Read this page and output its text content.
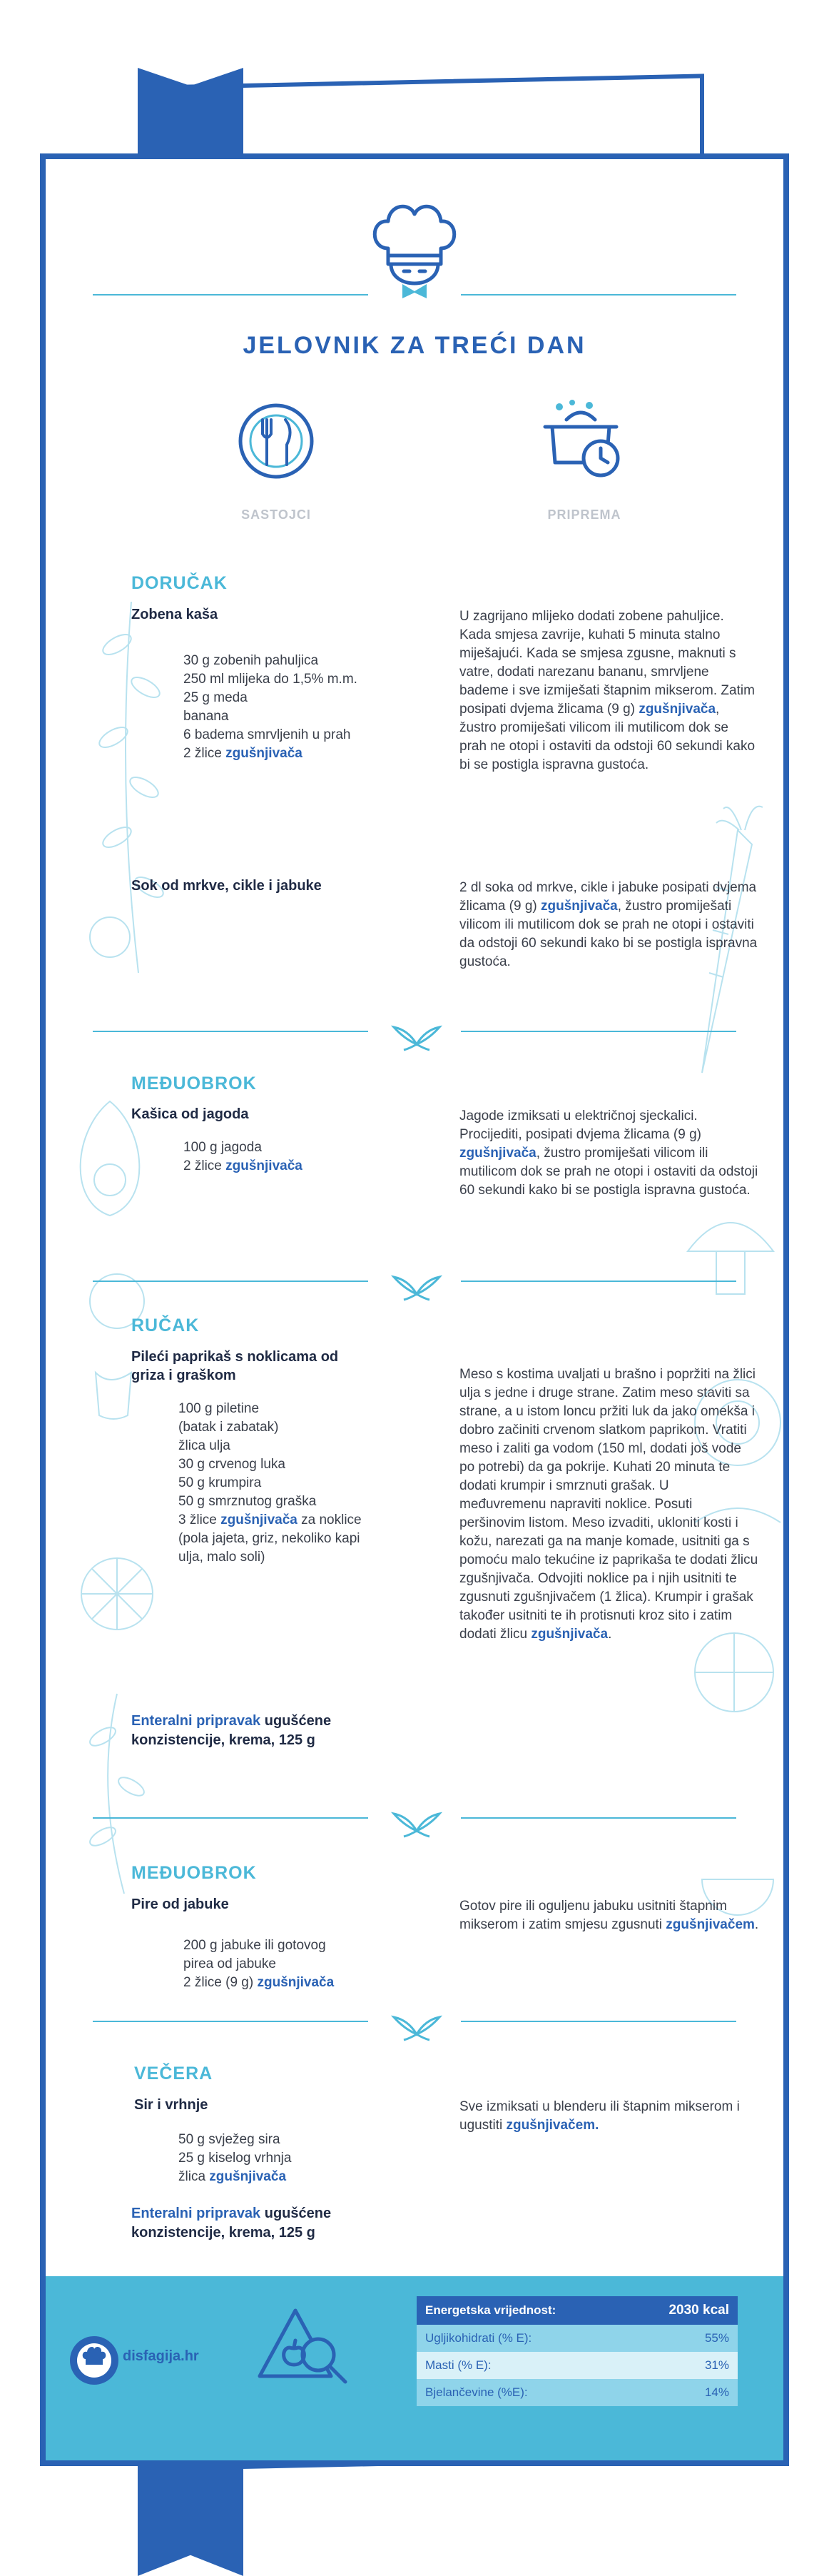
JELOVNIK ZA TREĆI DAN
SASTOJCI	PRIPREMA
DORUČAK
Zobena kaša
30 g zobenih pahuljica
250 ml mlijeka do 1,5% m.m.
25 g meda
banana
6 badema smrvljenih u prah
2 žlice zgušnjivača
U zagrijano mlijeko dodati zobene pahuljice. Kada smjesa zavrije, kuhati 5 minuta stalno miješajući. Kada se smjesa zgusne, maknuti s vatre, dodati narezanu bananu, smrvljene bademe i sve izmiješati štapnim mikserom. Zatim posipati dvjema žlicama (9 g) zgušnjivača, žustro promiješati vilicom ili mutilicom dok se prah ne otopi i ostaviti da odstoji 60 sekundi kako bi se postigla ispravna gustoća.
Sok od mrkve, cikle i jabuke	2 dl soka od mrkve, cikle i jabuke posipati dvjema žlicama (9 g) zgušnjivača, žustro promiješati vilicom ili mutilicom dok se prah ne otopi i ostaviti da odstoji 60 sekundi kako bi se postigla ispravna gustoća.
MEĐUOBROK
Kašica od jagoda
100 g jagoda
2 žlice zgušnjivača
Jagode izmiksati u električnoj sjeckalici. Procijediti, posipati dvjema žlicama (9 g) zgušnjivača, žustro promiješati vilicom ili mutilicom dok se prah ne otopi i ostaviti da odstoji 60 sekundi kako bi se postigla ispravna gustoća.
RUČAK
Pileći paprikaš s noklicama od
griza i graškom
100 g piletine
(batak i zabatak)
žlica ulja
30 g crvenog luka
50 g krumpira
50 g smrznutog graška
3 žlice zgušnjivača za noklice
(pola jajeta, griz, nekoliko kapi
ulja, malo soli)
Meso s kostima uvaljati u brašno i popržiti na žlici ulja s jedne i druge strane. Zatim meso staviti sa strane, a u istom loncu pržiti luk da jako omekša i dobro začiniti crvenom slatkom paprikom. Vratiti meso i zaliti ga vodom (150 ml, dodati još vode po potrebi) da ga pokrije. Kuhati 20 minuta te dodati krumpir i smrznuti grašak. U međuvremenu napraviti noklice. Posuti peršinovim listom. Meso izvaditi, ukloniti kosti i kožu, narezati ga na manje komade, usitniti ga s pomoću malo tekućine iz paprikaša te dodati žlicu zgušnjivača. Odvojiti noklice pa i njih usitniti te zgusnuti zgušnjivačem (1 žlica). Krumpir i grašak također usitniti te ih protisnuti kroz sito i zatim dodati žlicu zgušnjivača.
Enteralni pripravak ugušćene
konzistencije, krema, 125 g
MEĐUOBROK
Pire od jabuke
200 g jabuke ili gotovog
pirea od jabuke
2 žlice (9 g) zgušnjivača
Gotov pire ili oguljenu jabuku usitniti štapnim mikserom i zatim smjesu zgusnuti zgušnjivačem.
VEČERA
Sir i vrhnje
50 g svježeg sira
25 g kiselog vrhnja
žlica zgušnjivača
Sve izmiksati u blenderu ili štapnim mikserom i ugustiti zgušnjivačem.
Enteralni pripravak ugušćene
konzistencije, krema, 125 g
disfagija.hr
Energetska vrijednost:	2030 kcal
Ugljikohidrati (% E):	55%
Masti (% E):	31%
Bjelančevine (%E):	14%
